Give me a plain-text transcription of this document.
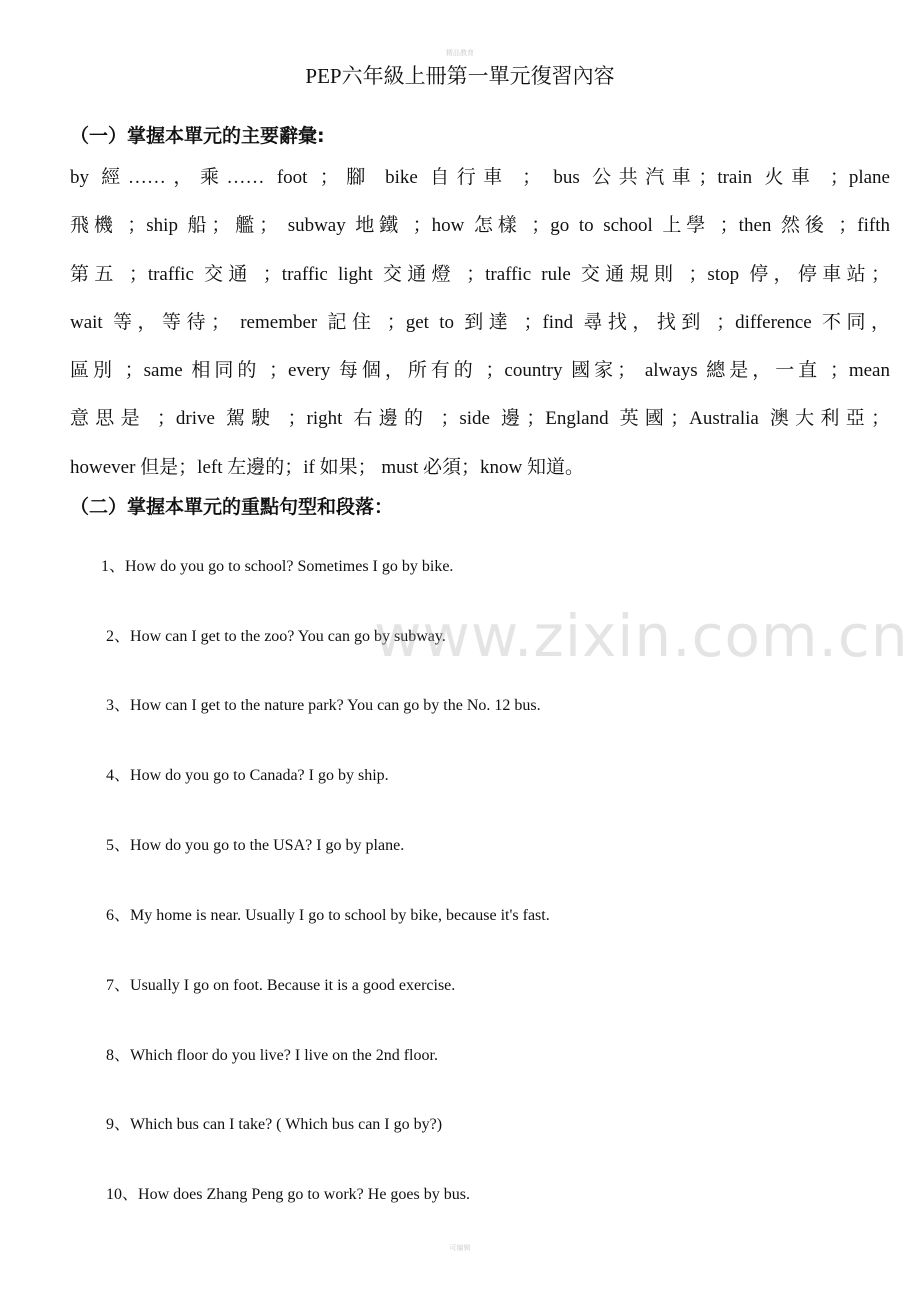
精品教育
PEP六年級上冊第一單元復習內容
（一）掌握本單元的主要辭彙:
by 經……，乘…… foot ；腳 bike 自行車 ； bus 公共汽車；train 火車 ；plane
飛機 ；ship 船；艦； subway 地鐵 ；how 怎樣 ；go to school 上學 ；then 然後 ；fifth
第五 ；traffic 交通 ；traffic light 交通燈 ；traffic rule 交通規則 ；stop 停，停車站；
wait 等，等待； remember 記住 ；get to 到達 ；find 尋找，找到 ；difference 不同，
區別 ；same 相同的 ；every 每個，所有的 ；country 國家； always 總是，一直 ；mean
意思是 ；drive 駕駛 ；right 右邊的 ；side 邊；England 英國；Australia 澳大利亞；
however 但是；left 左邊的；if 如果； must 必須；know 知道。
（二）掌握本單元的重點句型和段落：
1、How do you go to school? Sometimes I go by bike.
2、How can I get to the zoo? You can go by subway.
3、How can I get to the nature park? You can go by the No. 12 bus.
4、How do you go to Canada? I go by ship.
5、How do you go to the USA? I go by plane.
6、My home is near. Usually I go to school by bike, because it's fast.
7、Usually I go on foot. Because it is a good exercise.
8、Which floor do you live? I live on the 2nd floor.
9、Which bus can I take? ( Which bus can I go by?)
10、How does Zhang Peng go to work? He goes by bus.
www.zixin.com.cn
可编辑
